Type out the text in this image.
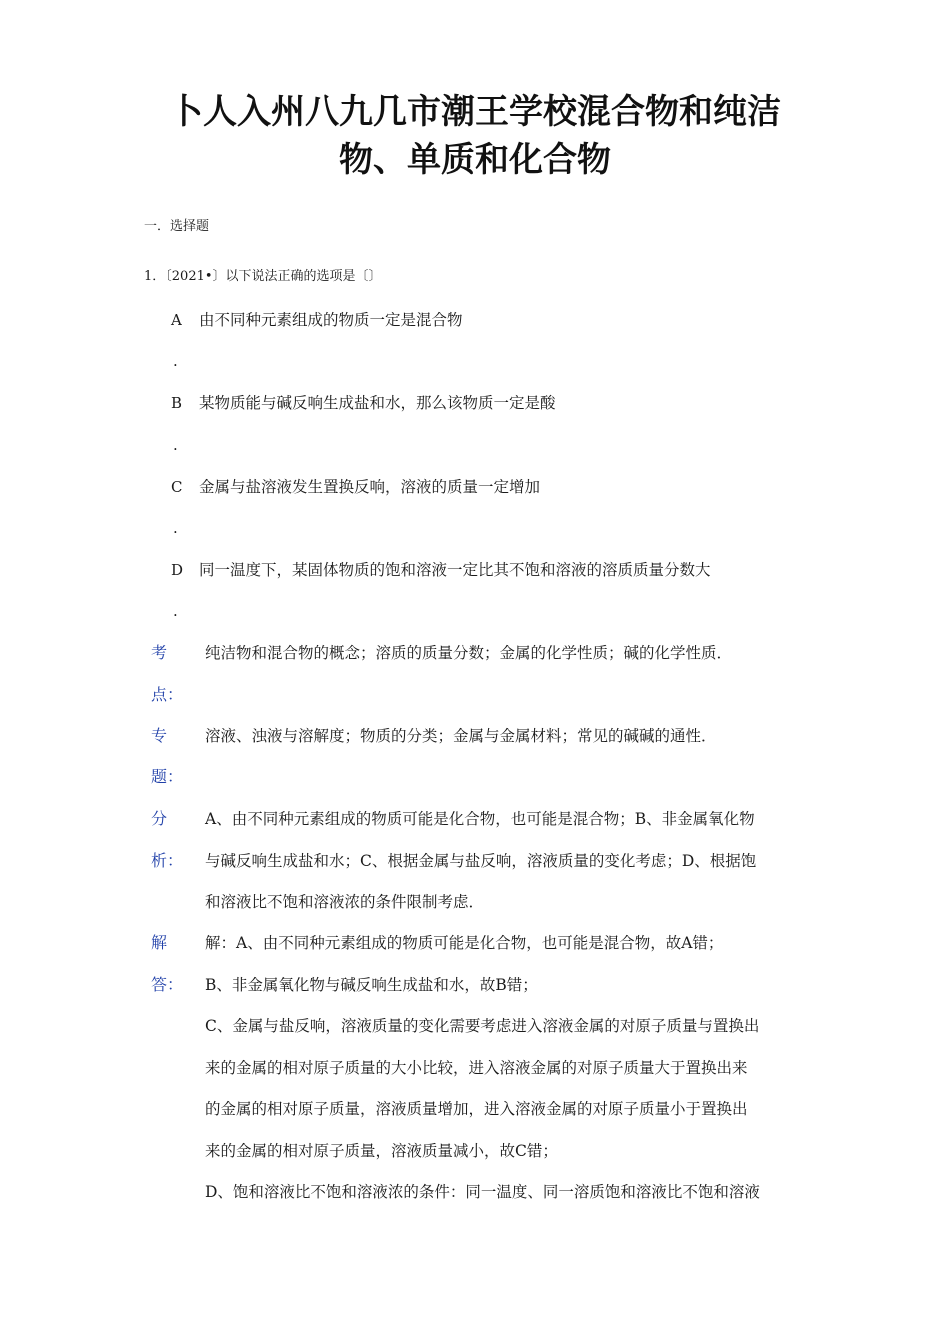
卜人入州八九几市潮王学校混合物和纯洁
物、单质和化合物
一．选择题
1．〔2021•〕以下说法正确的选项是〔〕
A 由不同种元素组成的物质一定是混合物
.
B 某物质能与碱反响生成盐和水，那么该物质一定是酸
.
C 金属与盐溶液发生置换反响，溶液的质量一定增加
.
D 同一温度下，某固体物质的饱和溶液一定比其不饱和溶液的溶质质量分数大
.
考
点：
纯洁物和混合物的概念；溶质的质量分数；金属的化学性质；碱的化学性质．
专
题：
溶液、浊液与溶解度；物质的分类；金属与金属材料；常见的碱碱的通性．
分
析：
A、由不同种元素组成的物质可能是化合物，也可能是混合物；B、非金属氧化物
与碱反响生成盐和水；C、根据金属与盐反响，溶液质量的变化考虑；D、根据饱
和溶液比不饱和溶液浓的条件限制考虑．
解
答：
解：A、由不同种元素组成的物质可能是化合物，也可能是混合物，故A错；
B、非金属氧化物与碱反响生成盐和水，故B错；
C、金属与盐反响，溶液质量的变化需要考虑进入溶液金属的对原子质量与置换出
来的金属的相对原子质量的大小比较，进入溶液金属的对原子质量大于置换出来
的金属的相对原子质量，溶液质量增加，进入溶液金属的对原子质量小于置换出
来的金属的相对原子质量，溶液质量减小，故C错；
D、饱和溶液比不饱和溶液浓的条件：同一温度、同一溶质饱和溶液比不饱和溶液
